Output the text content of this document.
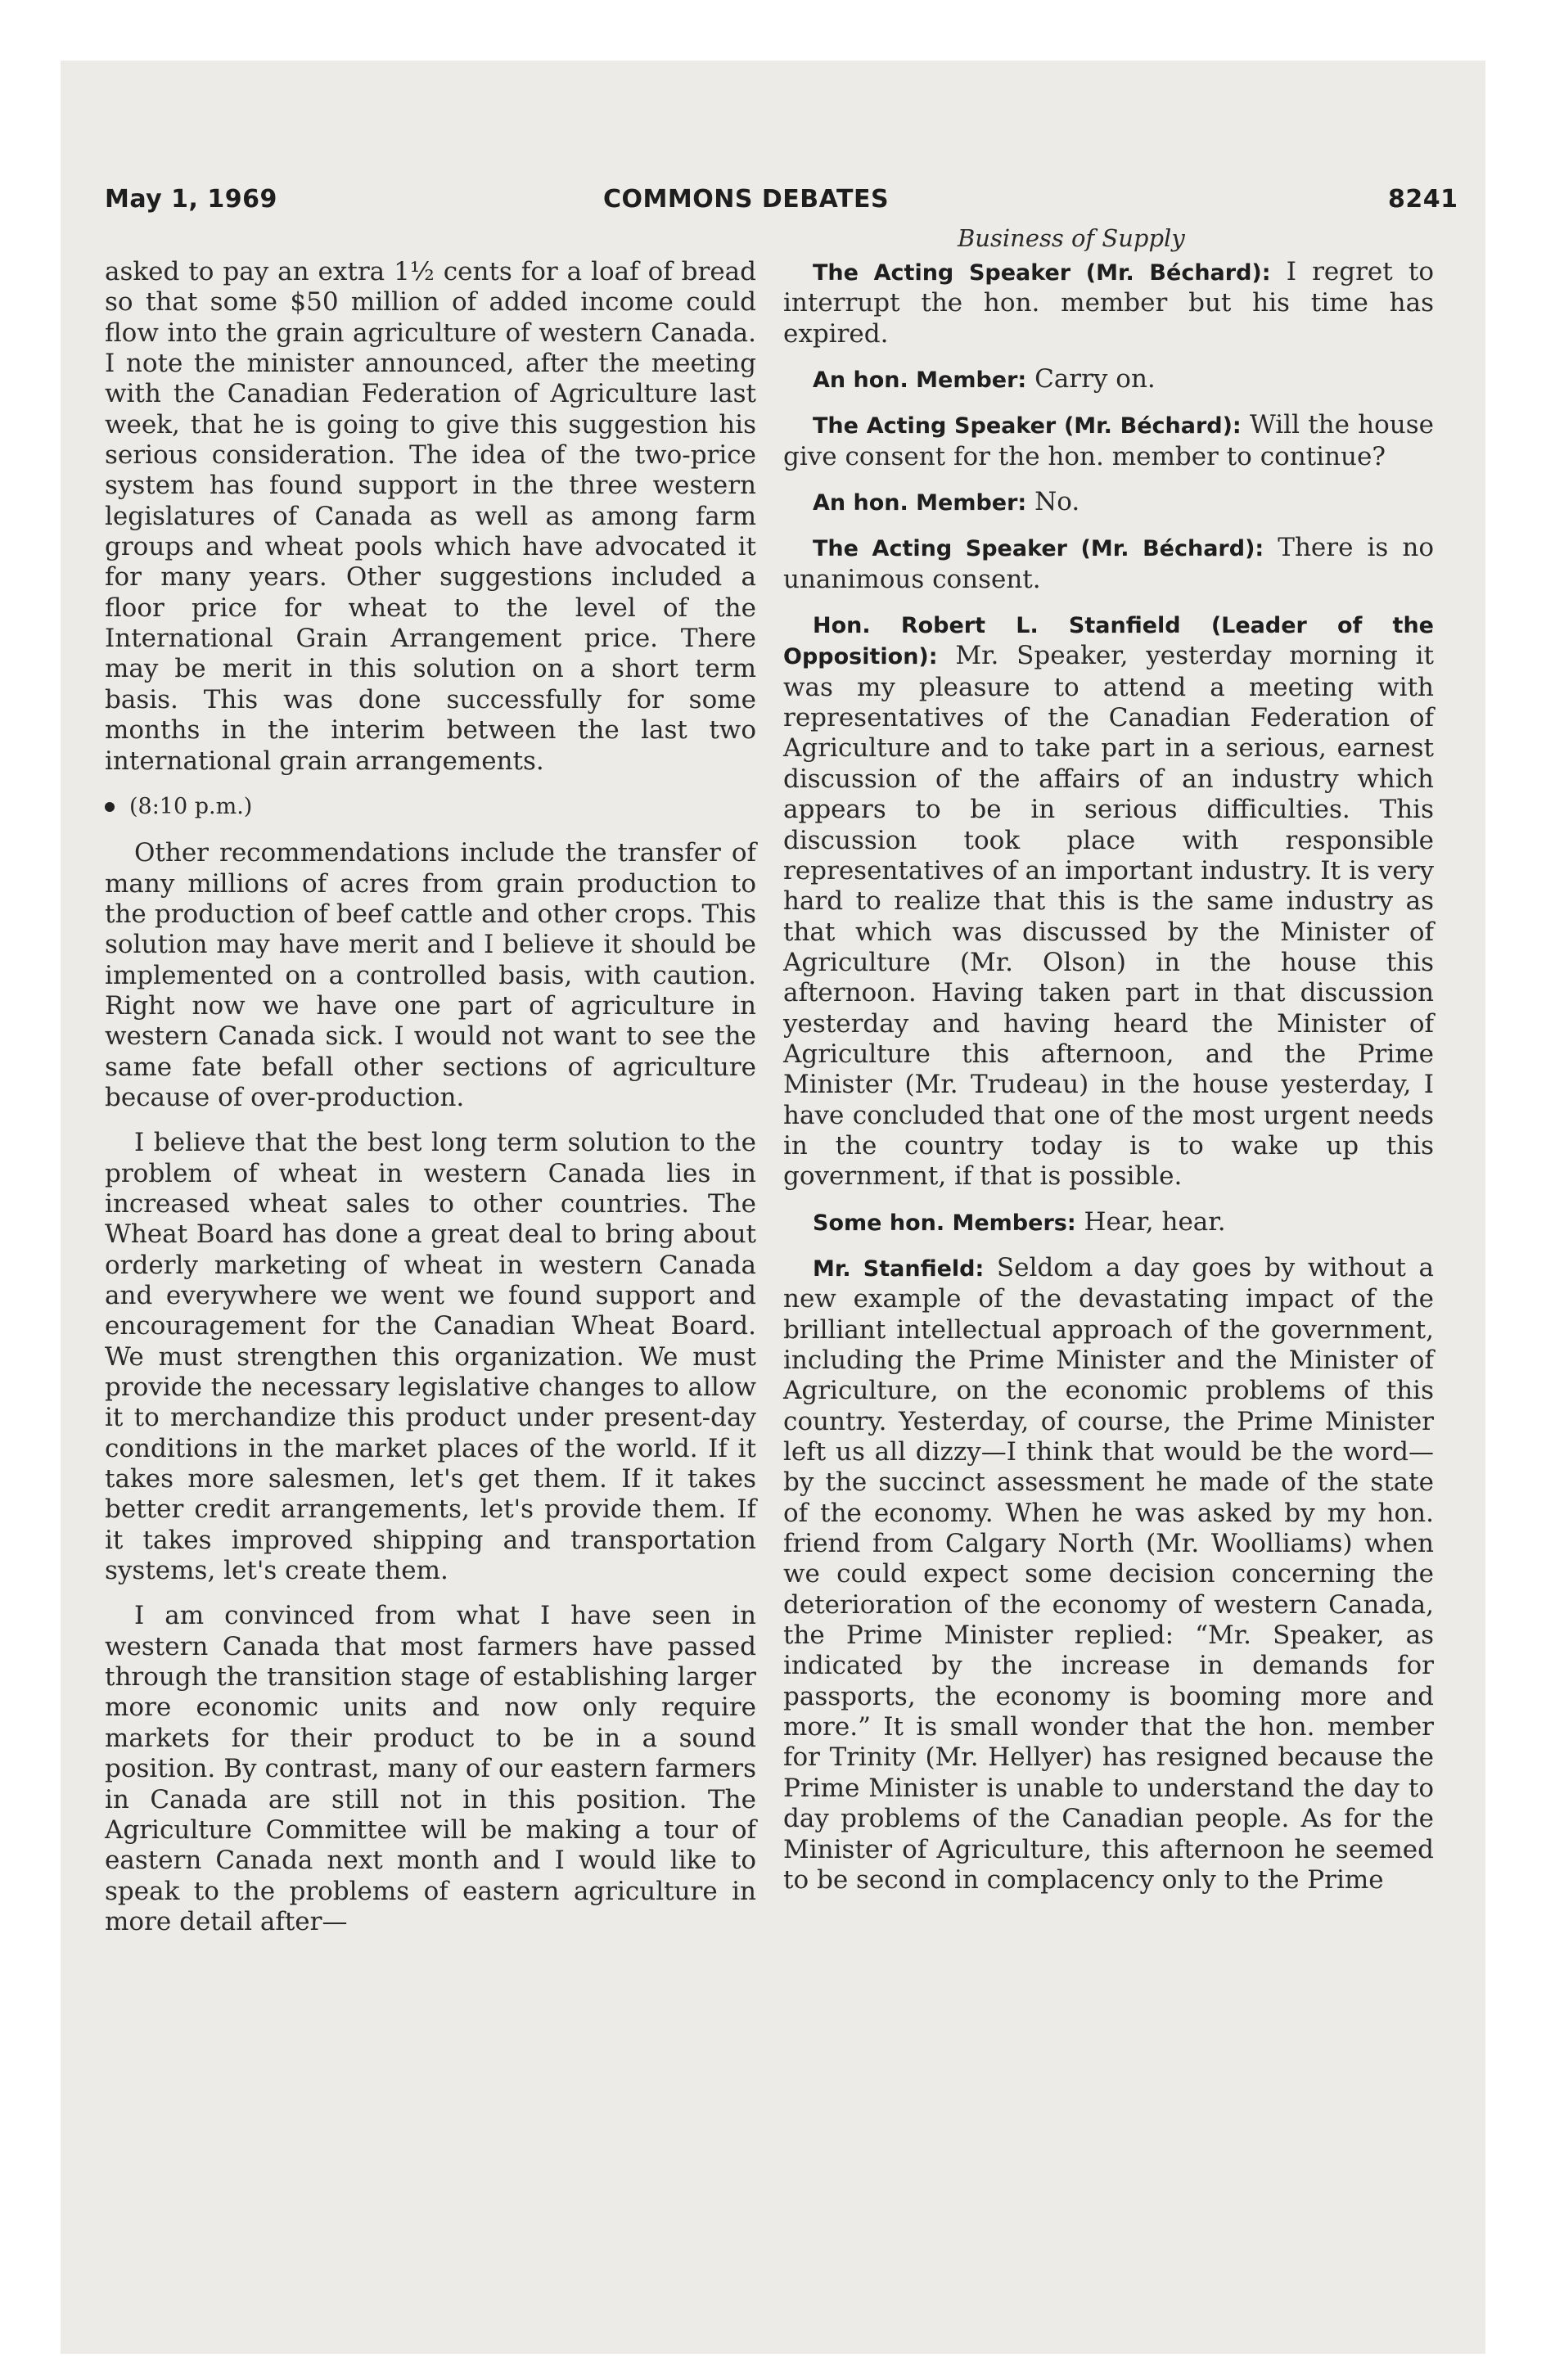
May 1, 1969	COMMONS DEBATES	8241
Business of Supply

asked to pay an extra 1½ cents for a loaf of bread so that some $50 million of added income could flow into the grain agriculture of western Canada. I note the minister announced, after the meeting with the Canadian Federation of Agriculture last week, that he is going to give this suggestion his serious consideration. The idea of the two-price system has found support in the three western legislatures of Canada as well as among farm groups and wheat pools which have advocated it for many years. Other suggestions included a floor price for wheat to the level of the International Grain Arrangement price. There may be merit in this solution on a short term basis. This was done successfully for some months in the interim between the last two international grain arrangements.

(8:10 p.m.)

Other recommendations include the transfer of many millions of acres from grain production to the production of beef cattle and other crops. This solution may have merit and I believe it should be implemented on a controlled basis, with caution. Right now we have one part of agriculture in western Canada sick. I would not want to see the same fate befall other sections of agriculture because of over-production.

I believe that the best long term solution to the problem of wheat in western Canada lies in increased wheat sales to other countries. The Wheat Board has done a great deal to bring about orderly marketing of wheat in western Canada and everywhere we went we found support and encouragement for the Canadian Wheat Board. We must strengthen this organization. We must provide the necessary legislative changes to allow it to merchandize this product under present-day conditions in the market places of the world. If it takes more salesmen, let's get them. If it takes better credit arrangements, let's provide them. If it takes improved shipping and transportation systems, let's create them.

I am convinced from what I have seen in western Canada that most farmers have passed through the transition stage of establishing larger more economic units and now only require markets for their product to be in a sound position. By contrast, many of our eastern farmers in Canada are still not in this position. The Agriculture Committee will be making a tour of eastern Canada next month and I would like to speak to the problems of eastern agriculture in more detail after—

The Acting Speaker (Mr. Béchard): I regret to interrupt the hon. member but his time has expired.

An hon. Member: Carry on.

The Acting Speaker (Mr. Béchard): Will the house give consent for the hon. member to continue?

An hon. Member: No.

The Acting Speaker (Mr. Béchard): There is no unanimous consent.

Hon. Robert L. Stanfield (Leader of the Opposition): Mr. Speaker, yesterday morning it was my pleasure to attend a meeting with representatives of the Canadian Federation of Agriculture and to take part in a serious, earnest discussion of the affairs of an industry which appears to be in serious difficulties. This discussion took place with responsible representatives of an important industry. It is very hard to realize that this is the same industry as that which was discussed by the Minister of Agriculture (Mr. Olson) in the house this afternoon. Having taken part in that discussion yesterday and having heard the Minister of Agriculture this afternoon, and the Prime Minister (Mr. Trudeau) in the house yesterday, I have concluded that one of the most urgent needs in the country today is to wake up this government, if that is possible.

Some hon. Members: Hear, hear.

Mr. Stanfield: Seldom a day goes by without a new example of the devastating impact of the brilliant intellectual approach of the government, including the Prime Minister and the Minister of Agriculture, on the economic problems of this country. Yesterday, of course, the Prime Minister left us all dizzy—I think that would be the word—by the succinct assessment he made of the state of the economy. When he was asked by my hon. friend from Calgary North (Mr. Woolliams) when we could expect some decision concerning the deterioration of the economy of western Canada, the Prime Minister replied: “Mr. Speaker, as indicated by the increase in demands for passports, the economy is booming more and more.” It is small wonder that the hon. member for Trinity (Mr. Hellyer) has resigned because the Prime Minister is unable to understand the day to day problems of the Canadian people. As for the Minister of Agriculture, this afternoon he seemed to be second in complacency only to the Prime
